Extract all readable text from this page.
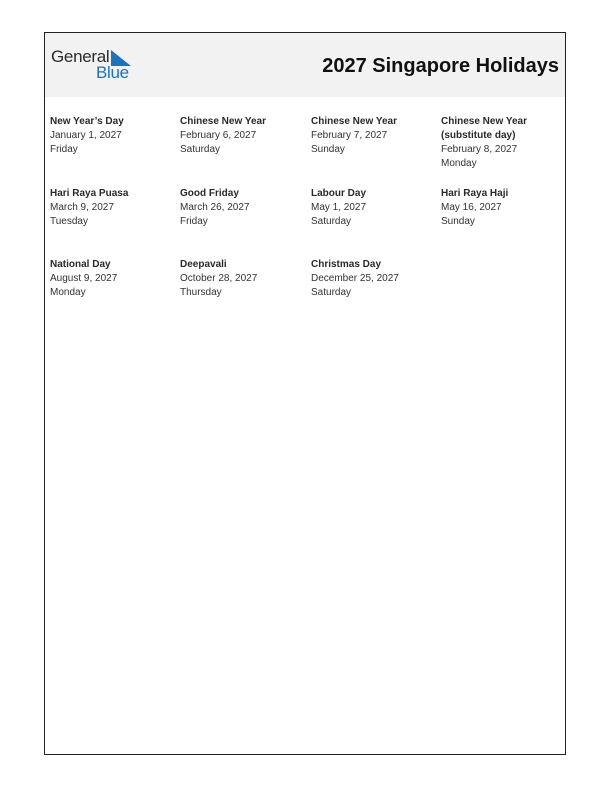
General
Blue	2027 Singapore Holidays
New Year’s Day
January 1, 2027
Friday
Chinese New Year
February 6, 2027
Saturday
Chinese New Year
February 7, 2027
Sunday
Chinese New Year (substitute day)
February 8, 2027
Monday
Hari Raya Puasa
March 9, 2027
Tuesday
Good Friday
March 26, 2027
Friday
Labour Day
May 1, 2027
Saturday
Hari Raya Haji
May 16, 2027
Sunday
National Day
August 9, 2027
Monday
Deepavali
October 28, 2027
Thursday
Christmas Day
December 25, 2027
Saturday
